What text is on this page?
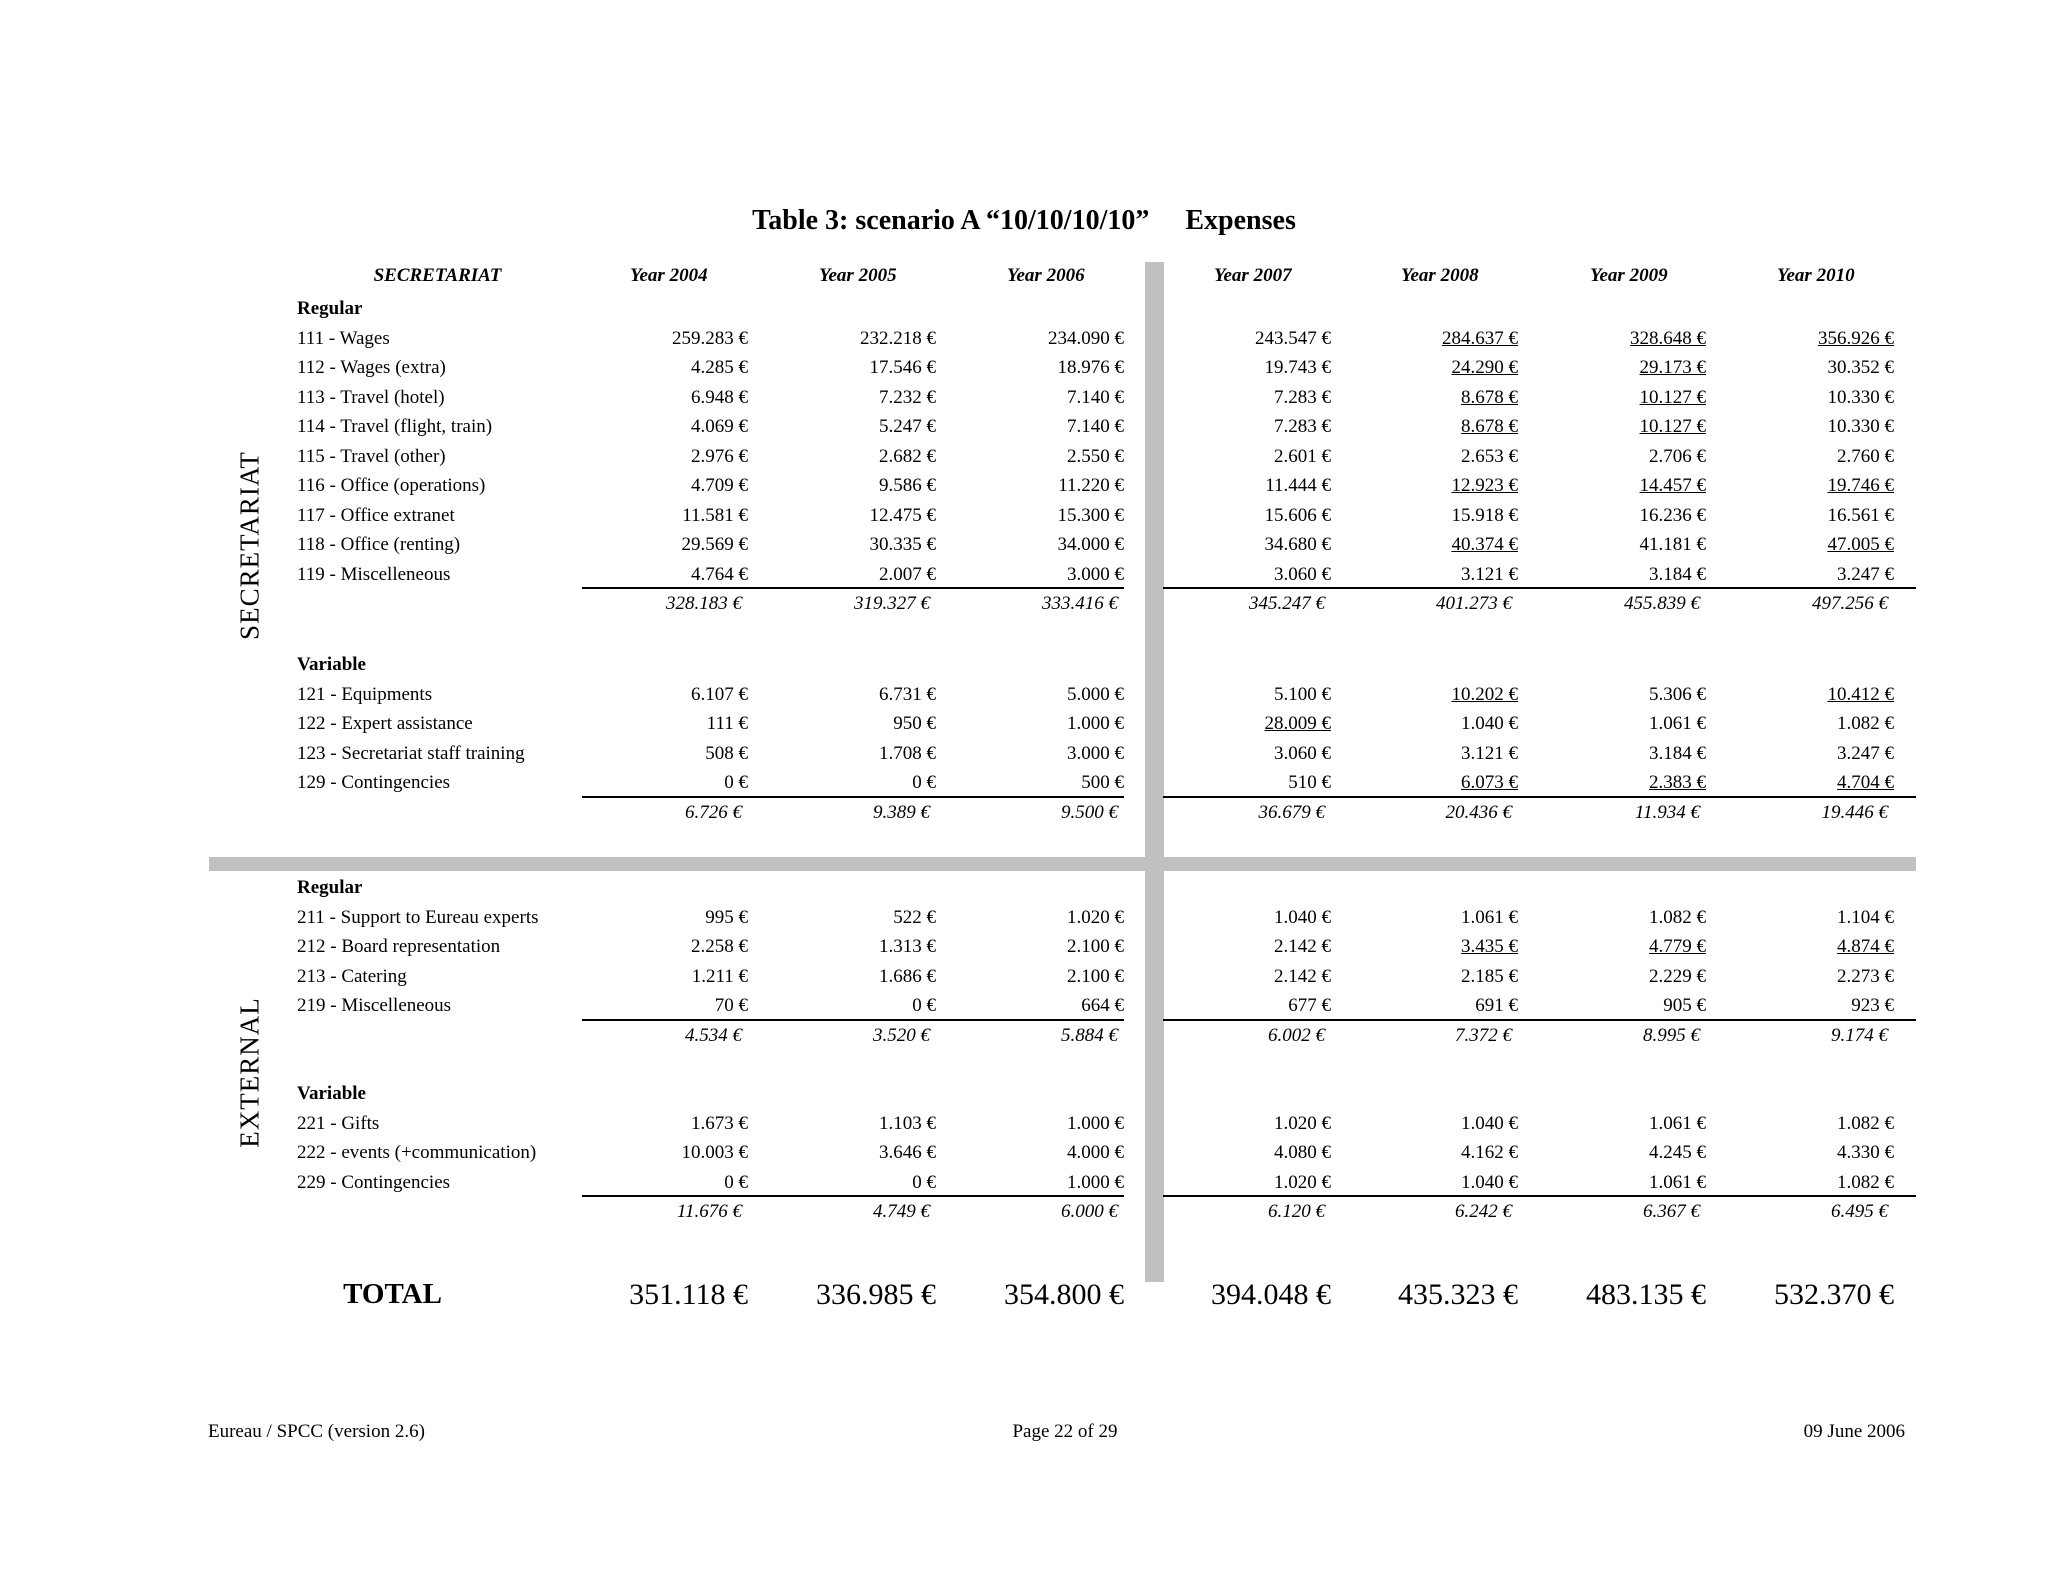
Table 3: scenario A “10/10/10/10” Expenses
SECRETARIAT
EXTERNAL
SECRETARIAT	Year 2004	Year 2005	Year 2006	Year 2007	Year 2008	Year 2009	Year 2010
Regular
111 - Wages	259.283 €	232.218 €	234.090 €	243.547 €	284.637 €	328.648 €	356.926 €
112 - Wages (extra)	4.285 €	17.546 €	18.976 €	19.743 €	24.290 €	29.173 €	30.352 €
113 - Travel (hotel)	6.948 €	7.232 €	7.140 €	7.283 €	8.678 €	10.127 €	10.330 €
114 - Travel (flight, train)	4.069 €	5.247 €	7.140 €	7.283 €	8.678 €	10.127 €	10.330 €
115 - Travel (other)	2.976 €	2.682 €	2.550 €	2.601 €	2.653 €	2.706 €	2.760 €
116 - Office (operations)	4.709 €	9.586 €	11.220 €	11.444 €	12.923 €	14.457 €	19.746 €
117 - Office extranet	11.581 €	12.475 €	15.300 €	15.606 €	15.918 €	16.236 €	16.561 €
118 - Office (renting)	29.569 €	30.335 €	34.000 €	34.680 €	40.374 €	41.181 €	47.005 €
119 - Miscelleneous	4.764 €	2.007 €	3.000 €	3.060 €	3.121 €	3.184 €	3.247 €
328.183 €	319.327 €	333.416 €	345.247 €	401.273 €	455.839 €	497.256 €
Variable
121 - Equipments	6.107 €	6.731 €	5.000 €	5.100 €	10.202 €	5.306 €	10.412 €
122 - Expert assistance	111 €	950 €	1.000 €	28.009 €	1.040 €	1.061 €	1.082 €
123 - Secretariat staff training	508 €	1.708 €	3.000 €	3.060 €	3.121 €	3.184 €	3.247 €
129 - Contingencies	0 €	0 €	500 €	510 €	6.073 €	2.383 €	4.704 €
6.726 €	9.389 €	9.500 €	36.679 €	20.436 €	11.934 €	19.446 €
Regular
211 - Support to Eureau experts	995 €	522 €	1.020 €	1.040 €	1.061 €	1.082 €	1.104 €
212 - Board representation	2.258 €	1.313 €	2.100 €	2.142 €	3.435 €	4.779 €	4.874 €
213 - Catering	1.211 €	1.686 €	2.100 €	2.142 €	2.185 €	2.229 €	2.273 €
219 - Miscelleneous	70 €	0 €	664 €	677 €	691 €	905 €	923 €
4.534 €	3.520 €	5.884 €	6.002 €	7.372 €	8.995 €	9.174 €
Variable
221 - Gifts	1.673 €	1.103 €	1.000 €	1.020 €	1.040 €	1.061 €	1.082 €
222 - events (+communication)	10.003 €	3.646 €	4.000 €	4.080 €	4.162 €	4.245 €	4.330 €
229 - Contingencies	0 €	0 €	1.000 €	1.020 €	1.040 €	1.061 €	1.082 €
11.676 €	4.749 €	6.000 €	6.120 €	6.242 €	6.367 €	6.495 €
TOTAL	351.118 €	336.985 €	354.800 €	394.048 €	435.323 €	483.135 €	532.370 €
Eureau / SPCC (version 2.6)	Page 22 of 29	09 June 2006
